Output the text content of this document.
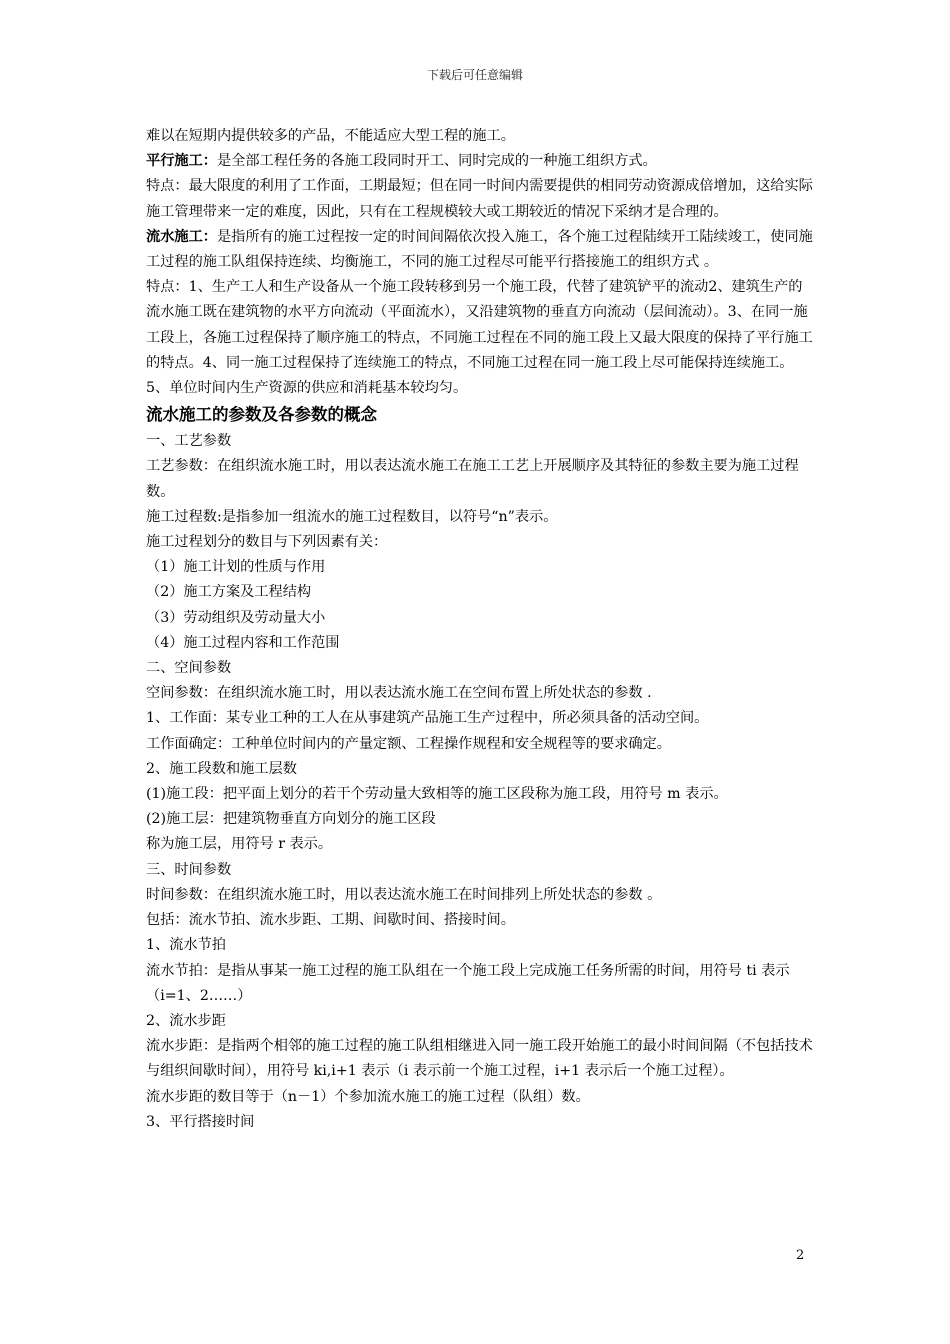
下载后可任意编辑

难以在短期内提供较多的产品，不能适应大型工程的施工。

平行施工：是全部工程任务的各施工段同时开工、同时完成的一种施工组织方式。

特点：最大限度的利用了工作面，工期最短；但在同一时间内需要提供的相同劳动资源成倍增加，这给实际施工管理带来一定的难度，因此，只有在工程规模较大或工期较近的情况下采纳才是合理的。

流水施工：是指所有的施工过程按一定的时间间隔依次投入施工，各个施工过程陆续开工陆续竣工，使同施工过程的施工队组保持连续、均衡施工，不同的施工过程尽可能平行搭接施工的组织方式 。

特点：1、生产工人和生产设备从一个施工段转移到另一个施工段，代替了建筑铲平的流动2、建筑生产的流水施工既在建筑物的水平方向流动（平面流水），又沿建筑物的垂直方向流动（层间流动）。3、在同一施工段上，各施工过程保持了顺序施工的特点，不同施工过程在不同的施工段上又最大限度的保持了平行施工的特点。4、同一施工过程保持了连续施工的特点，不同施工过程在同一施工段上尽可能保持连续施工。5、单位时间内生产资源的供应和消耗基本较均匀。

流水施工的参数及各参数的概念

一、工艺参数

工艺参数：在组织流水施工时，用以表达流水施工在施工工艺上开展顺序及其特征的参数主要为施工过程数。

施工过程数:是指参加一组流水的施工过程数目，以符号“n”表示。

施工过程划分的数目与下列因素有关：

（1）施工计划的性质与作用

（2）施工方案及工程结构

（3）劳动组织及劳动量大小

（4）施工过程内容和工作范围

二、空间参数

空间参数：在组织流水施工时，用以表达流水施工在空间布置上所处状态的参数 .

1、工作面：某专业工种的工人在从事建筑产品施工生产过程中，所必须具备的活动空间。

工作面确定：工种单位时间内的产量定额、工程操作规程和安全规程等的要求确定。

2、施工段数和施工层数

(1)施工段：把平面上划分的若干个劳动量大致相等的施工区段称为施工段，用符号 m 表示。

(2)施工层：把建筑物垂直方向划分的施工区段

称为施工层，用符号 r 表示。

三、时间参数

时间参数：在组织流水施工时，用以表达流水施工在时间排列上所处状态的参数 。

包括：流水节拍、流水步距、工期、间歇时间、搭接时间。

1、流水节拍

流水节拍：是指从事某一施工过程的施工队组在一个施工段上完成施工任务所需的时间，用符号 ti 表示（i=1、2……）

2、流水步距

流水步距：是指两个相邻的施工过程的施工队组相继进入同一施工段开始施工的最小时间间隔（不包括技术与组织间歇时间），用符号 ki,i+1 表示（i 表示前一个施工过程，i+1 表示后一个施工过程）。

流水步距的数目等于（n－1）个参加流水施工的施工过程（队组）数。

3、平行搭接时间

2
